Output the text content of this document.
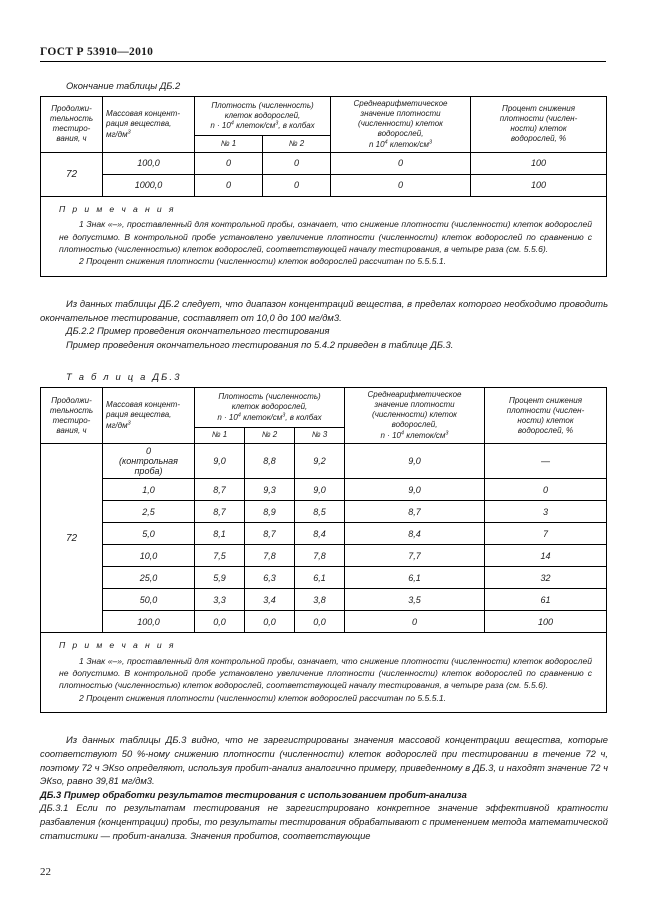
ГОСТ Р 53910—2010
Окончание таблицы ДБ.2
Продолжи-
тельность
тестиро-
вания, ч	Массовая концент-
рация вещества,
$мг/дм^3$	Плотность (численность)
клеток водорослей,
$n \cdot 10^4$ клеток/$см^3$, в колбах		Среднеарифметическое
значение плотности
(численности) клеток
водорослей,
n $10^4$ клеток/$см^3$	Процент снижения
плотности (числен-
ности) клеток
водорослей, %
		№ 1	№ 2		
72	100,0	0	0	0	100
	1000,0	0	0	0	100

П р и м е ч а н и я

1 Знак «–», проставленный для контрольной пробы, означает, что снижение плотности (численности) клеток водорослей не допустимо. В контрольной пробе установлено увеличение плотности (численности) клеток водорослей по сравнению с плотностью (численностью) клеток водорослей, соответствующей началу тестирования, в четыре раза (см. 5.5.6).

2 Процент снижения плотности (численности) клеток водорослей рассчитан по 5.5.5.1.					

Из данных таблицы ДБ.2 следует, что диапазон концентраций вещества, в пределах которого необходимо проводить окончательное тестирование, составляет от 10,0 до 100 мг/дм3.

ДБ.2.2 Пример проведения окончательного тестирования

Пример проведения окончательного тестирования по 5.4.2 приведен в таблице ДБ.3.

Т а б л и ц а ДБ.3
Продолжи-
тельность
тестиро-
вания, ч	Массовая концент-
рация вещества,
$мг/дм^3$	Плотность (численность)
клеток водорослей,
$n \cdot 10^4$ клеток/$см^3$, в колбах			Среднеарифметическое
значение плотности
(численности) клеток
водорослей,
$n \cdot 10^4$ клеток/$см^3$	Процент снижения
плотности (числен-
ности) клеток
водорослей, %
		№ 1	№ 2	№ 3		
72	0
(контрольная проба)	9,0	8,8	9,2	9,0	—
	1,0	8,7	9,3	9,0	9,0	0
	2,5	8,7	8,9	8,5	8,7	3
	5,0	8,1	8,7	8,4	8,4	7
	10,0	7,5	7,8	7,8	7,7	14
	25,0	5,9	6,3	6,1	6,1	32
	50,0	3,3	3,4	3,8	3,5	61
	100,0	0,0	0,0	0,0	0	100

П р и м е ч а н и я

1 Знак «–», проставленный для контрольной пробы, означает, что снижение плотности (численности) клеток водорослей не допустимо. В контрольной пробе установлено увеличение плотности (численности) клеток водорослей по сравнению с плотностью (численностью) клеток водорослей, соответствующей началу тестирования, в четыре раза (см. 5.5.6).

2 Процент снижения плотности (численности) клеток водорослей рассчитан по 5.5.5.1.						

Из данных таблицы ДБ.3 видно, что не зарегистрированы значения массовой концентрации вещества, которые соответствуют 50 %-ному снижению плотности (численности) клеток водорослей при тестировании в течение 72 ч, поэтому 72 ч ЭКso определяют, используя пробит-анализ аналогично примеру, приведенному в ДБ.3, и находят значение 72 ч ЭКso, равно 39,81 мг/дм3.

ДБ.3 Пример обработки результатов тестирования с использованием пробит-анализа

ДБ.3.1 Если по результатам тестирования не зарегистрировано конкретное значение эффективной кратности разбавления (концентрации) пробы, то результаты тестирования обрабатывают с применением метода математической статистики — пробит-анализа. Значения пробитов, соответствующие

22
